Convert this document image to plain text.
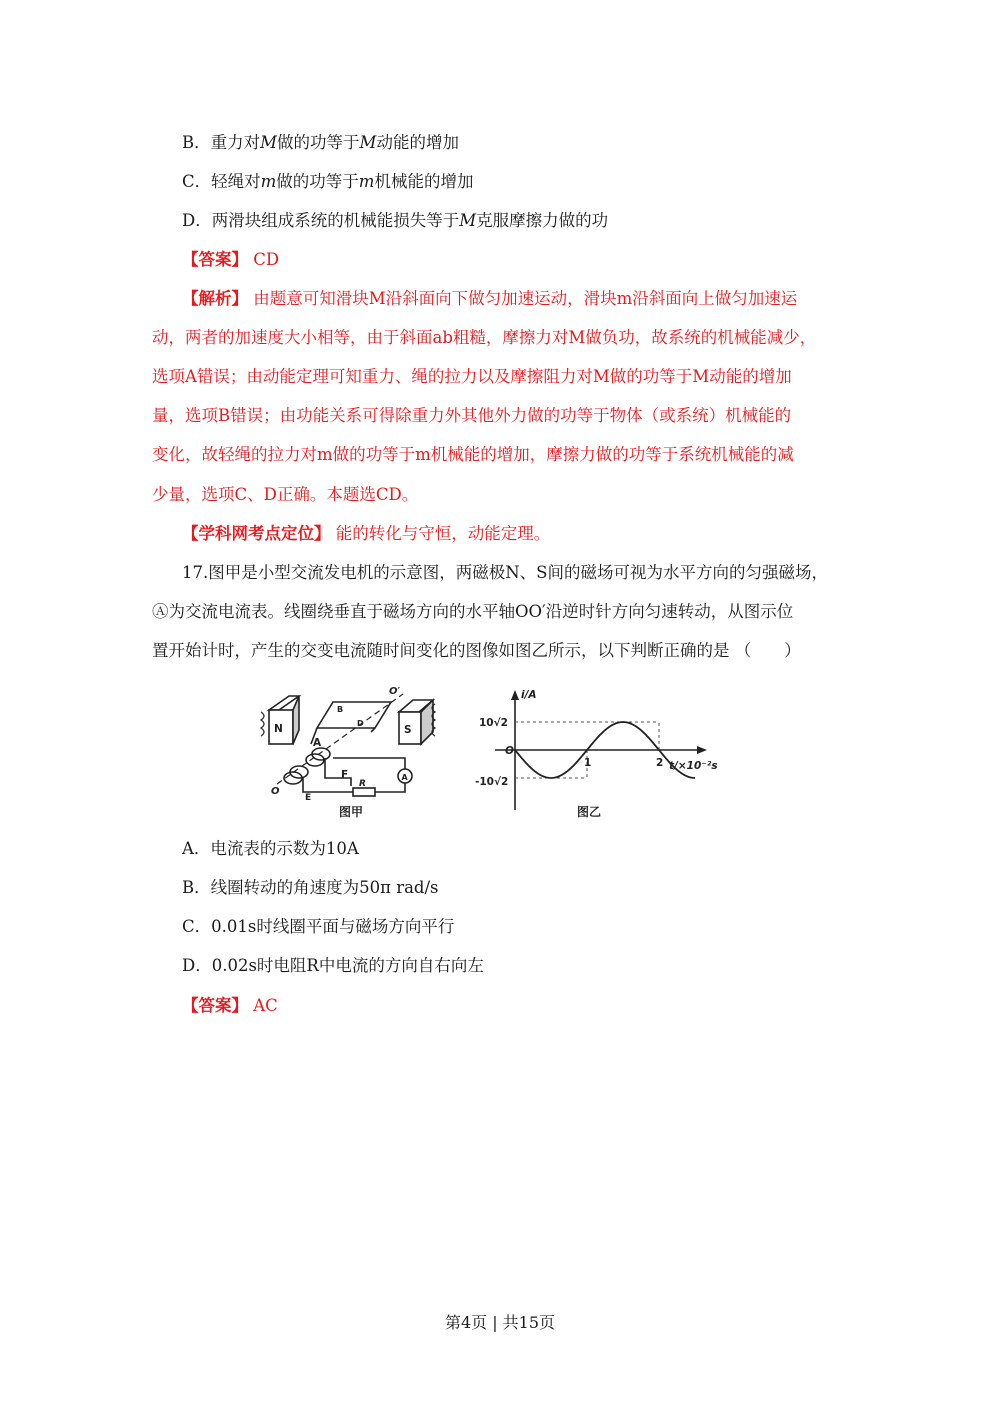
B．重力对M做的功等于M动能的增加
C．轻绳对m做的功等于m机械能的增加
D．两滑块组成系统的机械能损失等于M克服摩擦力做的功
【答案】 CD
【解析】 由题意可知滑块M沿斜面向下做匀加速运动，滑块m沿斜面向上做匀加速运
动，两者的加速度大小相等，由于斜面ab粗糙，摩擦力对M做负功，故系统的机械能减少，
选项A错误；由动能定理可知重力、绳的拉力以及摩擦阻力对M做的功等于M动能的增加
量，选项B错误；由功能关系可得除重力外其他外力做的功等于物体（或系统）机械能的
变化，故轻绳的拉力对m做的功等于m机械能的增加，摩擦力做的功等于系统机械能的减
少量，选项C、D正确。本题选CD。
【学科网考点定位】 能的转化与守恒，动能定理。
17.图甲是小型交流发电机的示意图，两磁极N、S间的磁场可视为水平方向的匀强磁场，
Ⓐ为交流电流表。线圈绕垂直于磁场方向的水平轴OO′沿逆时针方向匀速转动，从图示位
置开始计时，产生的交变电流随时间变化的图像如图乙所示，以下判断正确的是 （　　）
N	S
A
B
D
F
E
R
O
O′
A
图甲
i/A
10√2
O
-10√2
1	2 t/×10⁻²s
图乙
A．电流表的示数为10A
B．线圈转动的角速度为50π rad/s
C．0.01s时线圈平面与磁场方向平行
D．0.02s时电阻R中电流的方向自右向左
【答案】 AC
第4页 | 共15页
